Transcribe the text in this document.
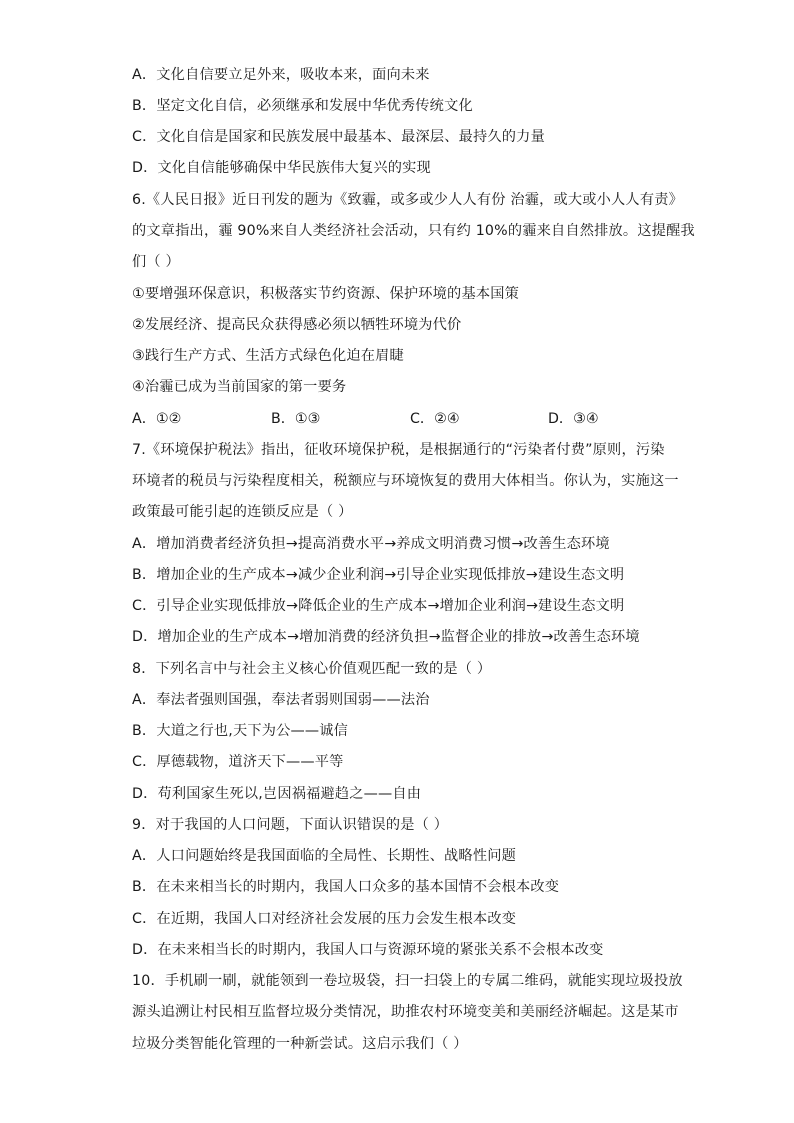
A．文化自信要立足外来，吸收本来，面向未来
B．坚定文化自信，必须继承和发展中华优秀传统文化
C．文化自信是国家和民族发展中最基本、最深层、最持久的力量
D．文化自信能够确保中华民族伟大复兴的实现
6.《人民日报》近日刊发的题为《致霾，或多或少人人有份 治霾，或大或小人人有责》
的文章指出，霾 90%来自人类经济社会活动，只有约 10%的霾来自自然排放。这提醒我
们（ ）
①要增强环保意识，积极落实节约资源、保护环境的基本国策
②发展经济、提高民众获得感必须以牺牲环境为代价
③践行生产方式、生活方式绿色化迫在眉睫
④治霾已成为当前国家的第一要务
A．①②	B．①③	C．②④	D．③④
7.《环境保护税法》指出，征收环境保护税，是根据通行的“污染者付费”原则，污染
环境者的税员与污染程度相关，税额应与环境恢复的费用大体相当。你认为，实施这一
政策最可能引起的连锁反应是（ ）
A．增加消费者经济负担→提高消费水平→养成文明消费习惯→改善生态环境
B．增加企业的生产成本→减少企业利润→引导企业实现低排放→建设生态文明
C．引导企业实现低排放→降低企业的生产成本→增加企业利润→建设生态文明
D．增加企业的生产成本→增加消费的经济负担→监督企业的排放→改善生态环境
8．下列名言中与社会主义核心价值观匹配一致的是（ ）
A．奉法者强则国强，奉法者弱则国弱——法治
B．大道之行也,天下为公——诚信
C．厚德载物，道济天下——平等
D．苟利国家生死以,岂因祸福避趋之——自由
9．对于我国的人口问题，下面认识错误的是（ ）
A．人口问题始终是我国面临的全局性、长期性、战略性问题
B．在未来相当长的时期内，我国人口众多的基本国情不会根本改变
C．在近期，我国人口对经济社会发展的压力会发生根本改变
D．在未来相当长的时期内，我国人口与资源环境的紧张关系不会根本改变
10．手机刷一刷，就能领到一卷垃圾袋，扫一扫袋上的专属二维码，就能实现垃圾投放
源头追溯让村民相互监督垃圾分类情况，助推农村环境变美和美丽经济崛起。这是某市
垃圾分类智能化管理的一种新尝试。这启示我们（ ）
